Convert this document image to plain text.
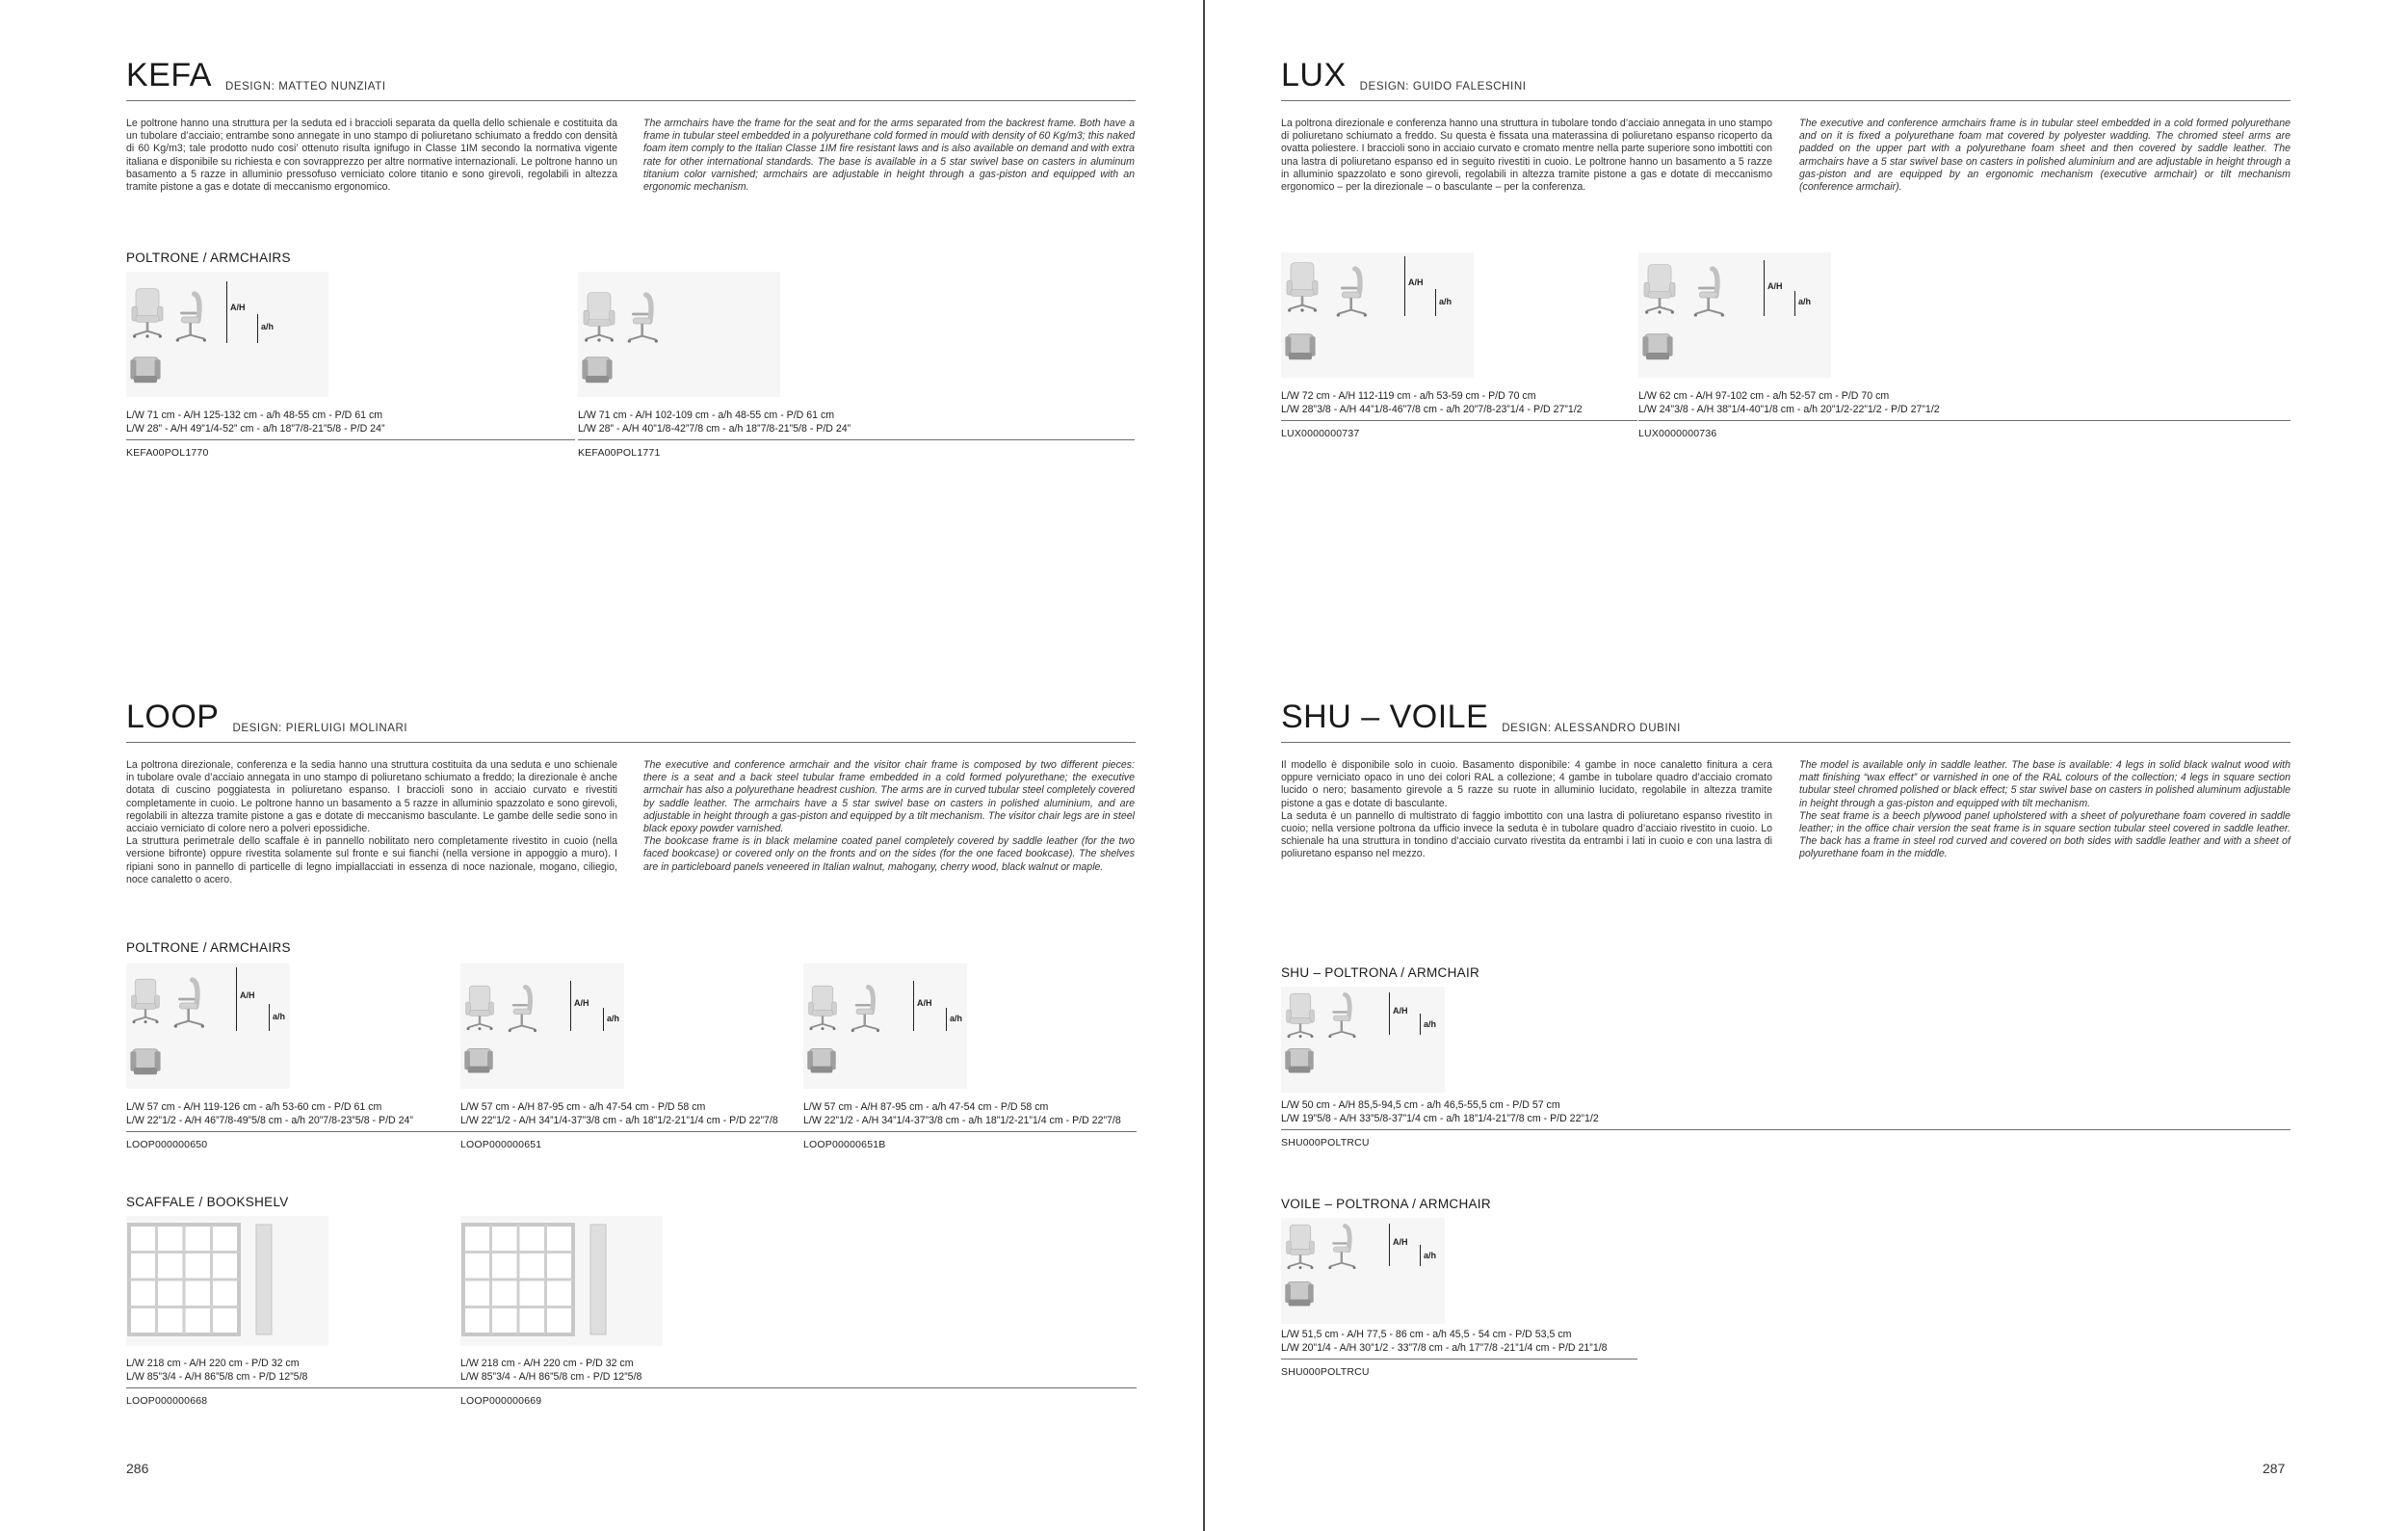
KEFA DESIGN: MATTEO NUNZIATI

Le poltrone hanno una struttura per la seduta ed i braccioli separata da quella dello schienale e costituita da un tubolare d’acciaio; entrambe sono annegate in uno stampo di poliuretano schiumato a freddo con densità di 60 Kg/m3; tale prodotto nudo cosi’ ottenuto risulta ignifugo in Classe 1IM secondo la normativa vigente italiana e disponibile su richiesta e con sovrapprezzo per altre normative internazionali. Le poltrone hanno un basamento a 5 razze in alluminio pressofuso verniciato colore titanio e sono girevoli, regolabili in altezza tramite pistone a gas e dotate di meccanismo ergonomico.

The armchairs have the frame for the seat and for the arms separated from the backrest frame. Both have a frame in tubular steel embedded in a polyurethane cold formed in mould with density of 60 Kg/m3; this naked foam item comply to the Italian Classe 1IM fire resistant laws and is also available on demand and with extra rate for other international standards. The base is available in a 5 star swivel base on casters in aluminum titanium color varnished; armchairs are adjustable in height through a gas-piston and equipped with an ergonomic mechanism.

POLTRONE / ARMCHAIRS

A/H
a/h
L/W 71 cm - A/H 125-132 cm - a/h 48-55 cm - P/D 61 cm
L/W 28” - A/H 49”1/4-52” cm - a/h 18”7/8-21”5/8 - P/D 24”
KEFA00POL1770
L/W 71 cm - A/H 102-109 cm - a/h 48-55 cm - P/D 61 cm
L/W 28” - A/H 40”1/8-42”7/8 cm - a/h 18”7/8-21”5/8 - P/D 24”
KEFA00POL1771
LOOP DESIGN: PIERLUIGI MOLINARI
La poltrona direzionale, conferenza e la sedia hanno una struttura costituita da una seduta e uno schienale in tubolare ovale d’acciaio annegata in uno stampo di poliuretano schiumato a freddo; la direzionale è anche dotata di cuscino poggiatesta in poliuretano espanso. I braccioli sono in acciaio curvato e rivestiti completamente in cuoio. Le poltrone hanno un basamento a 5 razze in alluminio spazzolato e sono girevoli, regolabili in altezza tramite pistone a gas e dotate di meccanismo basculante. Le gambe delle sedie sono in acciaio verniciato di colore nero a polveri epossidiche.
La struttura perimetrale dello scaffale è in pannello nobilitato nero completamente rivestito in cuoio (nella versione bifronte) oppure rivestita solamente sul fronte e sui fianchi (nella versione in appoggio a muro). I ripiani sono in pannello di particelle di legno impiallacciati in essenza di noce nazionale, mogano, ciliegio, noce canaletto o acero.
The executive and conference armchair and the visitor chair frame is composed by two different pieces: there is a seat and a back steel tubular frame embedded in a cold formed polyurethane; the executive armchair has also a polyurethane headrest cushion. The arms are in curved tubular steel completely covered by saddle leather. The armchairs have a 5 star swivel base on casters in polished aluminium, and are adjustable in height through a gas-piston and equipped by a tilt mechanism. The visitor chair legs are in steel black epoxy powder varnished.
The bookcase frame is in black melamine coated panel completely covered by saddle leather (for the two faced bookcase) or covered only on the fronts and on the sides (for the one faced bookcase). The shelves are in particleboard panels veneered in Italian walnut, mahogany, cherry wood, black walnut or maple.

POLTRONE / ARMCHAIRS

A/H
a/h
L/W 57 cm - A/H 119-126 cm - a/h 53-60 cm - P/D 61 cm
L/W 22”1/2 - A/H 46”7/8-49”5/8 cm - a/h 20”7/8-23”5/8 - P/D 24”
LOOP000000650
A/H
a/h
L/W 57 cm - A/H 87-95 cm - a/h 47-54 cm - P/D 58 cm
L/W 22”1/2 - A/H 34”1/4-37”3/8 cm - a/h 18”1/2-21”1/4 cm - P/D 22”7/8
LOOP000000651
A/H
a/h
L/W 57 cm - A/H 87-95 cm - a/h 47-54 cm - P/D 58 cm
L/W 22”1/2 - A/H 34”1/4-37”3/8 cm - a/h 18”1/2-21”1/4 cm - P/D 22”7/8
LOOP00000651B

SCAFFALE / BOOKSHELV

L/W 218 cm - A/H 220 cm - P/D 32 cm
L/W 85”3/4 - A/H 86”5/8 cm - P/D 12”5/8
LOOP000000668
L/W 218 cm - A/H 220 cm - P/D 32 cm
L/W 85”3/4 - A/H 86”5/8 cm - P/D 12”5/8
LOOP000000669
286
LUX DESIGN: GUIDO FALESCHINI

La poltrona direzionale e conferenza hanno una struttura in tubolare tondo d’acciaio annegata in uno stampo di poliuretano schiumato a freddo. Su questa è fissata una materassina di poliuretano espanso ricoperto da ovatta poliestere. I braccioli sono in acciaio curvato e cromato mentre nella parte superiore sono imbottiti con una lastra di poliuretano espanso ed in seguito rivestiti in cuoio. Le poltrone hanno un basamento a 5 razze in alluminio spazzolato e sono girevoli, regolabili in altezza tramite pistone a gas e dotate di meccanismo ergonomico – per la direzionale – o basculante – per la conferenza.

The executive and conference armchairs frame is in tubular steel embedded in a cold formed polyurethane and on it is fixed a polyurethane foam mat covered by polyester wadding. The chromed steel arms are padded on the upper part with a polyurethane foam sheet and then covered by saddle leather. The armchairs have a 5 star swivel base on casters in polished aluminium and are adjustable in height through a gas-piston and are equipped by an ergonomic mechanism (executive armchair) or tilt mechanism (conference armchair).

A/H
a/h
L/W 72 cm - A/H 112-119 cm - a/h 53-59 cm - P/D 70 cm
L/W 28”3/8 - A/H 44”1/8-46”7/8 cm - a/h 20”7/8-23”1/4 - P/D 27”1/2
LUX0000000737
A/H
a/h
L/W 62 cm - A/H 97-102 cm - a/h 52-57 cm - P/D 70 cm
L/W 24”3/8 - A/H 38”1/4-40”1/8 cm - a/h 20”1/2-22”1/2 - P/D 27”1/2
LUX0000000736
SHU – VOILE DESIGN: ALESSANDRO DUBINI
Il modello è disponibile solo in cuoio. Basamento disponibile: 4 gambe in noce canaletto finitura a cera oppure verniciato opaco in uno dei colori RAL a collezione; 4 gambe in tubolare quadro d’acciaio cromato lucido o nero; basamento girevole a 5 razze su ruote in alluminio lucidato, regolabile in altezza tramite pistone a gas e dotate di basculante.
La seduta è un pannello di multistrato di faggio imbottito con una lastra di poliuretano espanso rivestito in cuoio; nella versione poltrona da ufficio invece la seduta è in tubolare quadro d’acciaio rivestito in cuoio. Lo schienale ha una struttura in tondino d’acciaio curvato rivestita da entrambi i lati in cuoio e con una lastra di poliuretano espanso nel mezzo.
The model is available only in saddle leather. The base is available: 4 legs in solid black walnut wood with matt finishing “wax effect” or varnished in one of the RAL colours of the collection; 4 legs in square section tubular steel chromed polished or black effect; 5 star swivel base on casters in polished aluminum adjustable in height through a gas-piston and equipped with tilt mechanism.
The seat frame is a beech plywood panel upholstered with a sheet of polyurethane foam covered in saddle leather; in the office chair version the seat frame is in square section tubular steel covered in saddle leather. The back has a frame in steel rod curved and covered on both sides with saddle leather and with a sheet of polyurethane foam in the middle.

SHU – POLTRONA / ARMCHAIR

A/H
a/h
L/W 50 cm - A/H 85,5-94,5 cm - a/h 46,5-55,5 cm - P/D 57 cm
L/W 19”5/8 - A/H 33”5/8-37”1/4 cm - a/h 18”1/4-21”7/8 cm - P/D 22”1/2
SHU000POLTRCU

VOILE – POLTRONA / ARMCHAIR

A/H
a/h
L/W 51,5 cm - A/H 77,5 - 86 cm - a/h 45,5 - 54 cm - P/D 53,5 cm
L/W 20”1/4 - A/H 30”1/2 - 33”7/8 cm - a/h 17”7/8 -21”1/4 cm - P/D 21”1/8
SHU000POLTRCU
287
